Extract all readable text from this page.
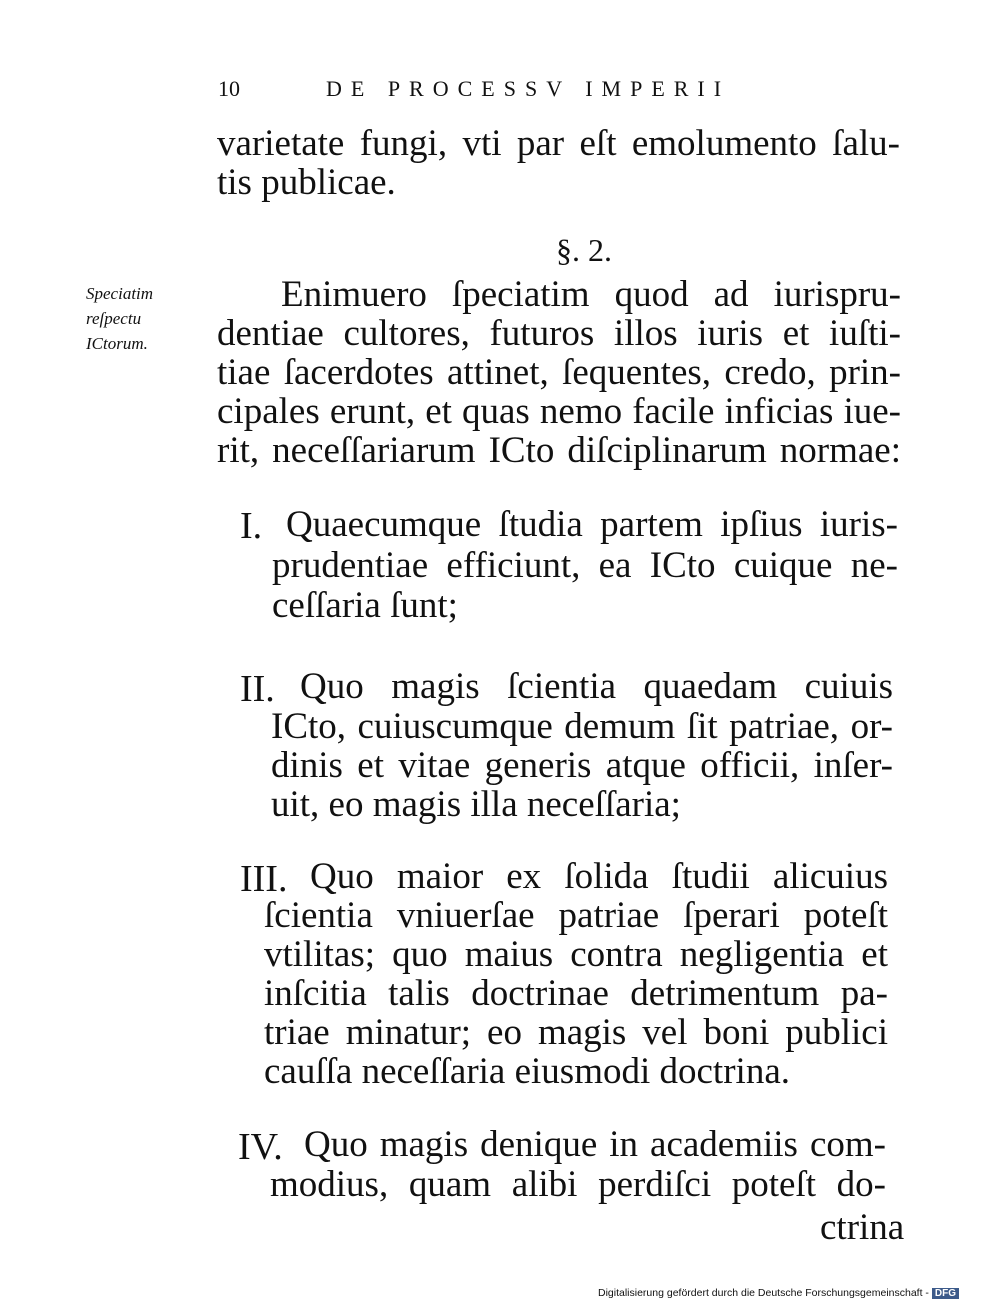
10	DE PROCESSV IMPERII
varietate fungi, vti par eſt emolumento ſalu-
tis publicae.
§. 2.
Speciatim
reſpectu
ICtorum.
Enimuero ſpeciatim quod ad iurispru-
dentiae cultores, futuros illos iuris et iuſti-
tiae ſacerdotes attinet, ſequentes, credo, prin-
cipales erunt, et quas nemo facile inficias iue-
rit, neceſſariarum ICto diſciplinarum normae:
I. Quaecumque ſtudia partem ipſius iuris-
prudentiae efficiunt, ea ICto cuique ne-
ceſſaria ſunt;
II. Quo magis ſcientia quaedam cuiuis
ICto, cuiuscumque demum ſit patriae, or-
dinis et vitae generis atque officii, inſer-
uit, eo magis illa neceſſaria;
III. Quo maior ex ſolida ſtudii alicuius
ſcientia vniuerſae patriae ſperari poteſt
vtilitas; quo maius contra negligentia et
inſcitia talis doctrinae detrimentum pa-
triae minatur; eo magis vel boni publici
cauſſa neceſſaria eiusmodi doctrina.
IV. Quo magis denique in academiis com-
modius, quam alibi perdiſci poteſt do-
ctrina
Digitalisierung gefördert durch die Deutsche Forschungsgemeinschaft - DFG
